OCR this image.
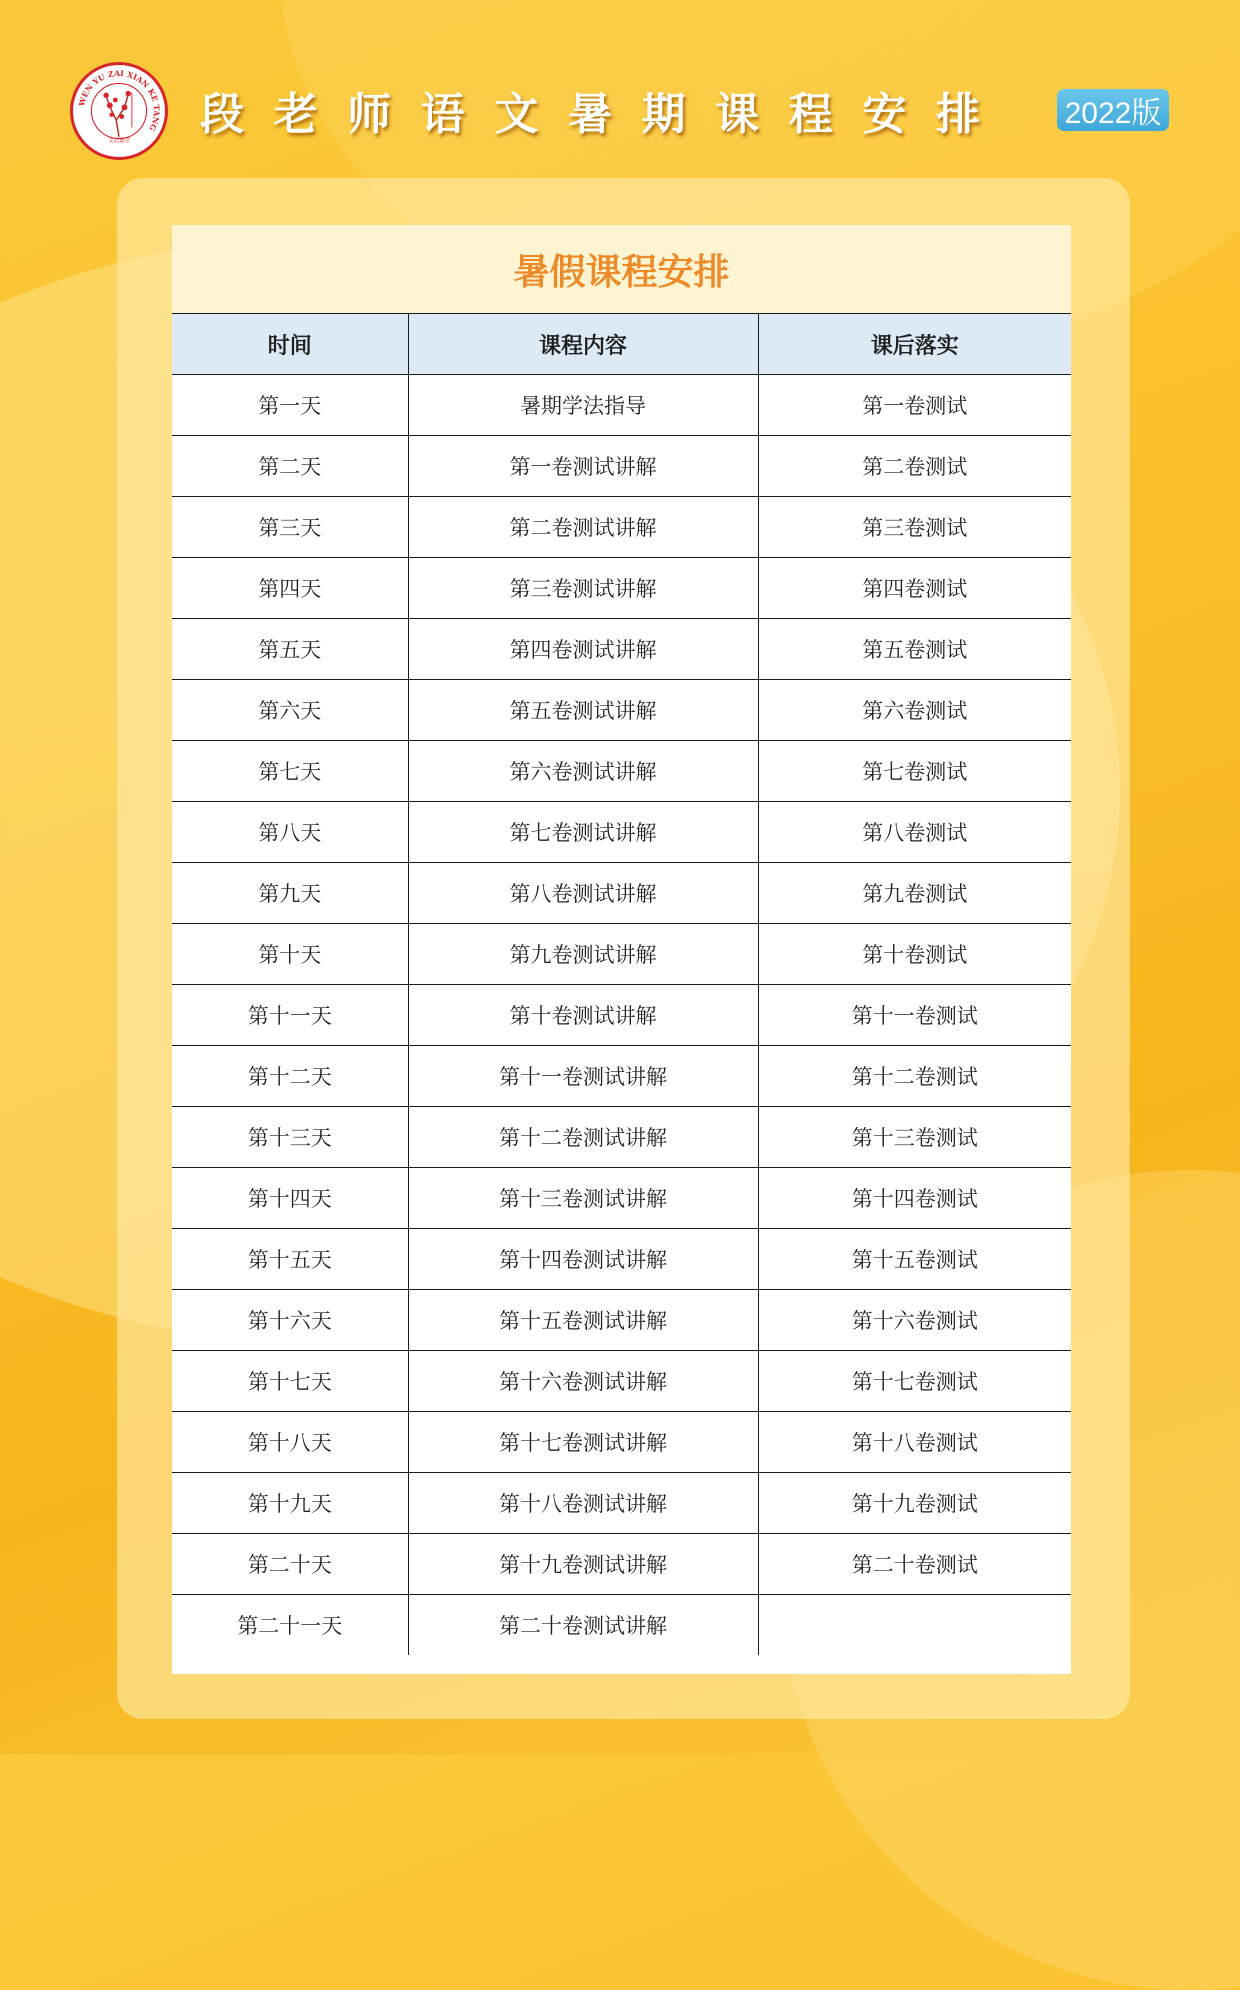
WEN YU ZAI XIAN KE TANG
文语课堂
段 老 师 语 文 暑 期 课 程 安 排	2022版
暑假课程安排
时间	课程内容	课后落实
第一天	暑期学法指导	第一卷测试
第二天	第一卷测试讲解	第二卷测试
第三天	第二卷测试讲解	第三卷测试
第四天	第三卷测试讲解	第四卷测试
第五天	第四卷测试讲解	第五卷测试
第六天	第五卷测试讲解	第六卷测试
第七天	第六卷测试讲解	第七卷测试
第八天	第七卷测试讲解	第八卷测试
第九天	第八卷测试讲解	第九卷测试
第十天	第九卷测试讲解	第十卷测试
第十一天	第十卷测试讲解	第十一卷测试
第十二天	第十一卷测试讲解	第十二卷测试
第十三天	第十二卷测试讲解	第十三卷测试
第十四天	第十三卷测试讲解	第十四卷测试
第十五天	第十四卷测试讲解	第十五卷测试
第十六天	第十五卷测试讲解	第十六卷测试
第十七天	第十六卷测试讲解	第十七卷测试
第十八天	第十七卷测试讲解	第十八卷测试
第十九天	第十八卷测试讲解	第十九卷测试
第二十天	第十九卷测试讲解	第二十卷测试
第二十一天	第二十卷测试讲解	
